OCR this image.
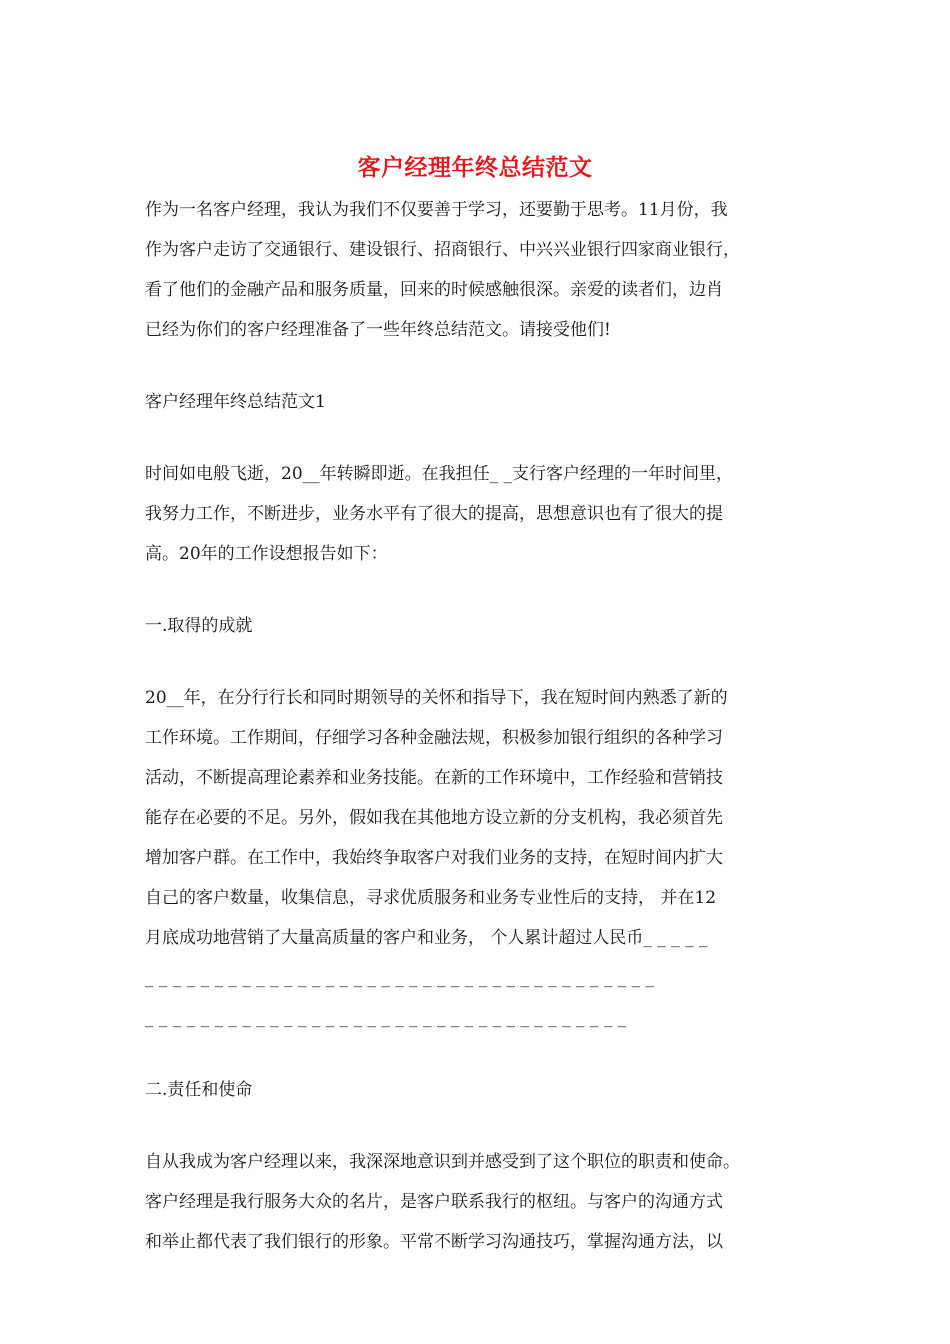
客户经理年终总结范文

作为一名客户经理，我认为我们不仅要善于学习，还要勤于思考。11月份，我
作为客户走访了交通银行、建设银行、招商银行、中兴兴业银行四家商业银行，
看了他们的金融产品和服务质量，回来的时候感触很深。亲爱的读者们，边肖
已经为你们的客户经理准备了一些年终总结范文。请接受他们!

客户经理年终总结范文1

时间如电般飞逝，20__年转瞬即逝。在我担任_ _支行客户经理的一年时间里，
我努力工作，不断进步，业务水平有了很大的提高，思想意识也有了很大的提
高。20年的工作设想报告如下：

一.取得的成就

20__年，在分行行长和同时期领导的关怀和指导下，我在短时间内熟悉了新的
工作环境。工作期间，仔细学习各种金融法规，积极参加银行组织的各种学习
活动，不断提高理论素养和业务技能。在新的工作环境中，工作经验和营销技
能存在必要的不足。另外，假如我在其他地方设立新的分支机构，我必须首先
增加客户群。在工作中，我始终争取客户对我们业务的支持，在短时间内扩大
自己的客户数量，收集信息，寻求优质服务和业务专业性后的支持， 并在12
月底成功地营销了大量高质量的客户和业务， 个人累计超过人民币_ _ _ _ _
_ _ _ _ _ _ _ _ _ _ _ _ _ _ _ _ _ _ _ _ _ _ _ _ _ _ _ _ _ _ _ _ _ _ _ _ _
_ _ _ _ _ _ _ _ _ _ _ _ _ _ _ _ _ _ _ _ _ _ _ _ _ _ _ _ _ _ _ _ _ _ _

二.责任和使命

自从我成为客户经理以来，我深深地意识到并感受到了这个职位的职责和使命。
客户经理是我行服务大众的名片，是客户联系我行的枢纽。与客户的沟通方式
和举止都代表了我们银行的形象。平常不断学习沟通技巧，掌握沟通方法，以
